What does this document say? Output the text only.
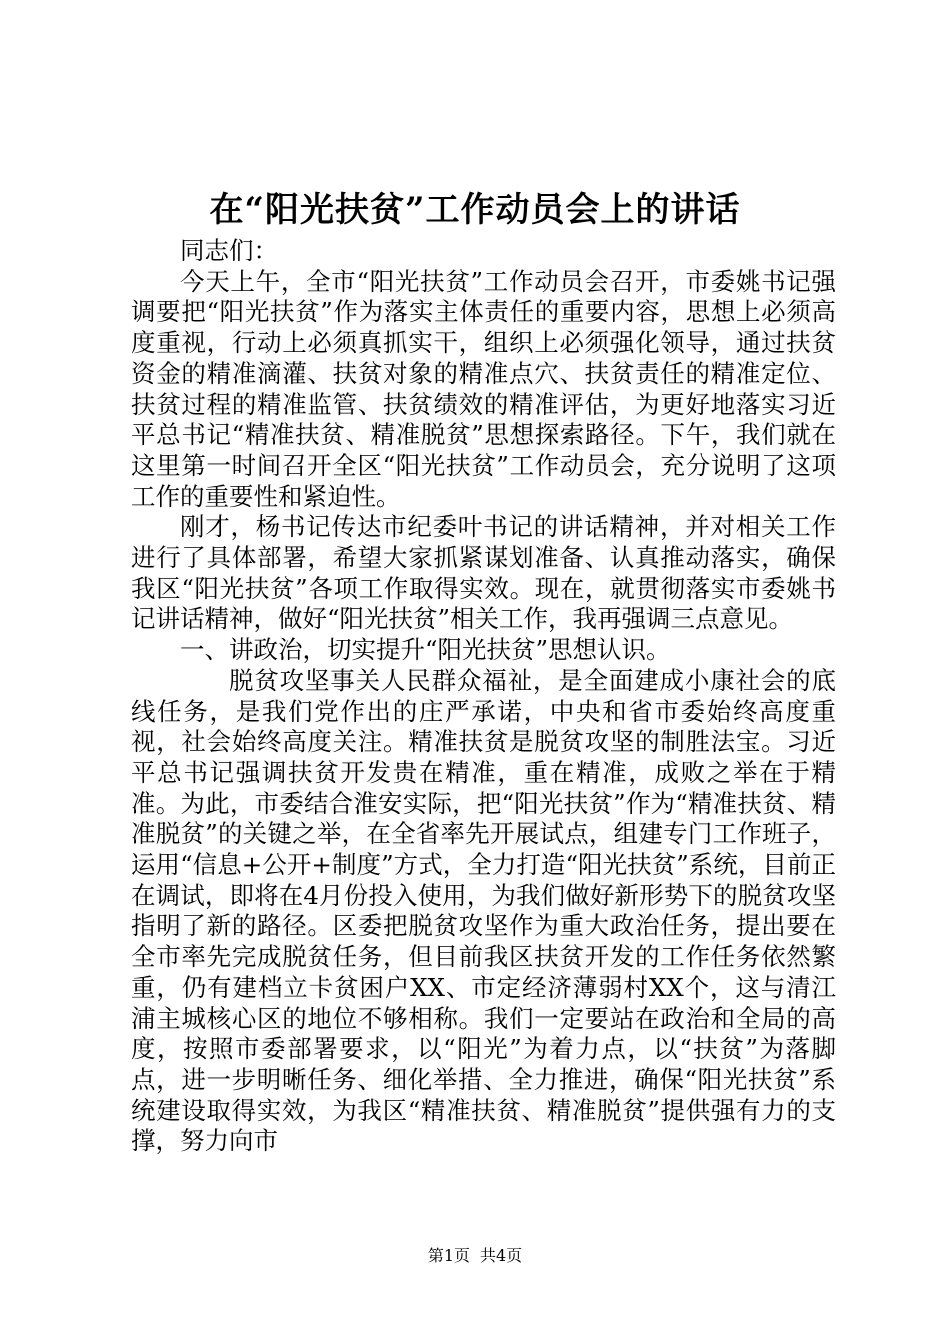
在“阳光扶贫”工作动员会上的讲话

同志们：

今天上午，全市“阳光扶贫”工作动员会召开，市委姚书记强调要把“阳光扶贫”作为落实主体责任的重要内容，思想上必须高度重视，行动上必须真抓实干，组织上必须强化领导，通过扶贫资金的精准滴灌、扶贫对象的精准点穴、扶贫责任的精准定位、扶贫过程的精准监管、扶贫绩效的精准评估，为更好地落实习近平总书记“精准扶贫、精准脱贫”思想探索路径。下午，我们就在这里第一时间召开全区“阳光扶贫”工作动员会，充分说明了这项工作的重要性和紧迫性。

刚才，杨书记传达市纪委叶书记的讲话精神，并对相关工作进行了具体部署，希望大家抓紧谋划准备、认真推动落实，确保我区“阳光扶贫”各项工作取得实效。现在，就贯彻落实市委姚书记讲话精神，做好“阳光扶贫”相关工作，我再强调三点意见。

一、讲政治，切实提升“阳光扶贫”思想认识。

脱贫攻坚事关人民群众福祉，是全面建成小康社会的底线任务，是我们党作出的庄严承诺，中央和省市委始终高度重视，社会始终高度关注。精准扶贫是脱贫攻坚的制胜法宝。习近平总书记强调扶贫开发贵在精准，重在精准，成败之举在于精准。为此，市委结合淮安实际，把“阳光扶贫”作为“精准扶贫、精准脱贫”的关键之举，在全省率先开展试点，组建专门工作班子，运用“信息+公开+制度”方式，全力打造“阳光扶贫”系统，目前正在调试，即将在4月份投入使用，为我们做好新形势下的脱贫攻坚指明了新的路径。区委把脱贫攻坚作为重大政治任务，提出要在全市率先完成脱贫任务，但目前我区扶贫开发的工作任务依然繁重，仍有建档立卡贫困户XX、市定经济薄弱村XX个，这与清江浦主城核心区的地位不够相称。我们一定要站在政治和全局的高度，按照市委部署要求，以“阳光”为着力点，以“扶贫”为落脚点，进一步明晰任务、细化举措、全力推进，确保“阳光扶贫”系统建设取得实效，为我区“精准扶贫、精准脱贫”提供强有力的支撑，努力向市

第1页 共4页
